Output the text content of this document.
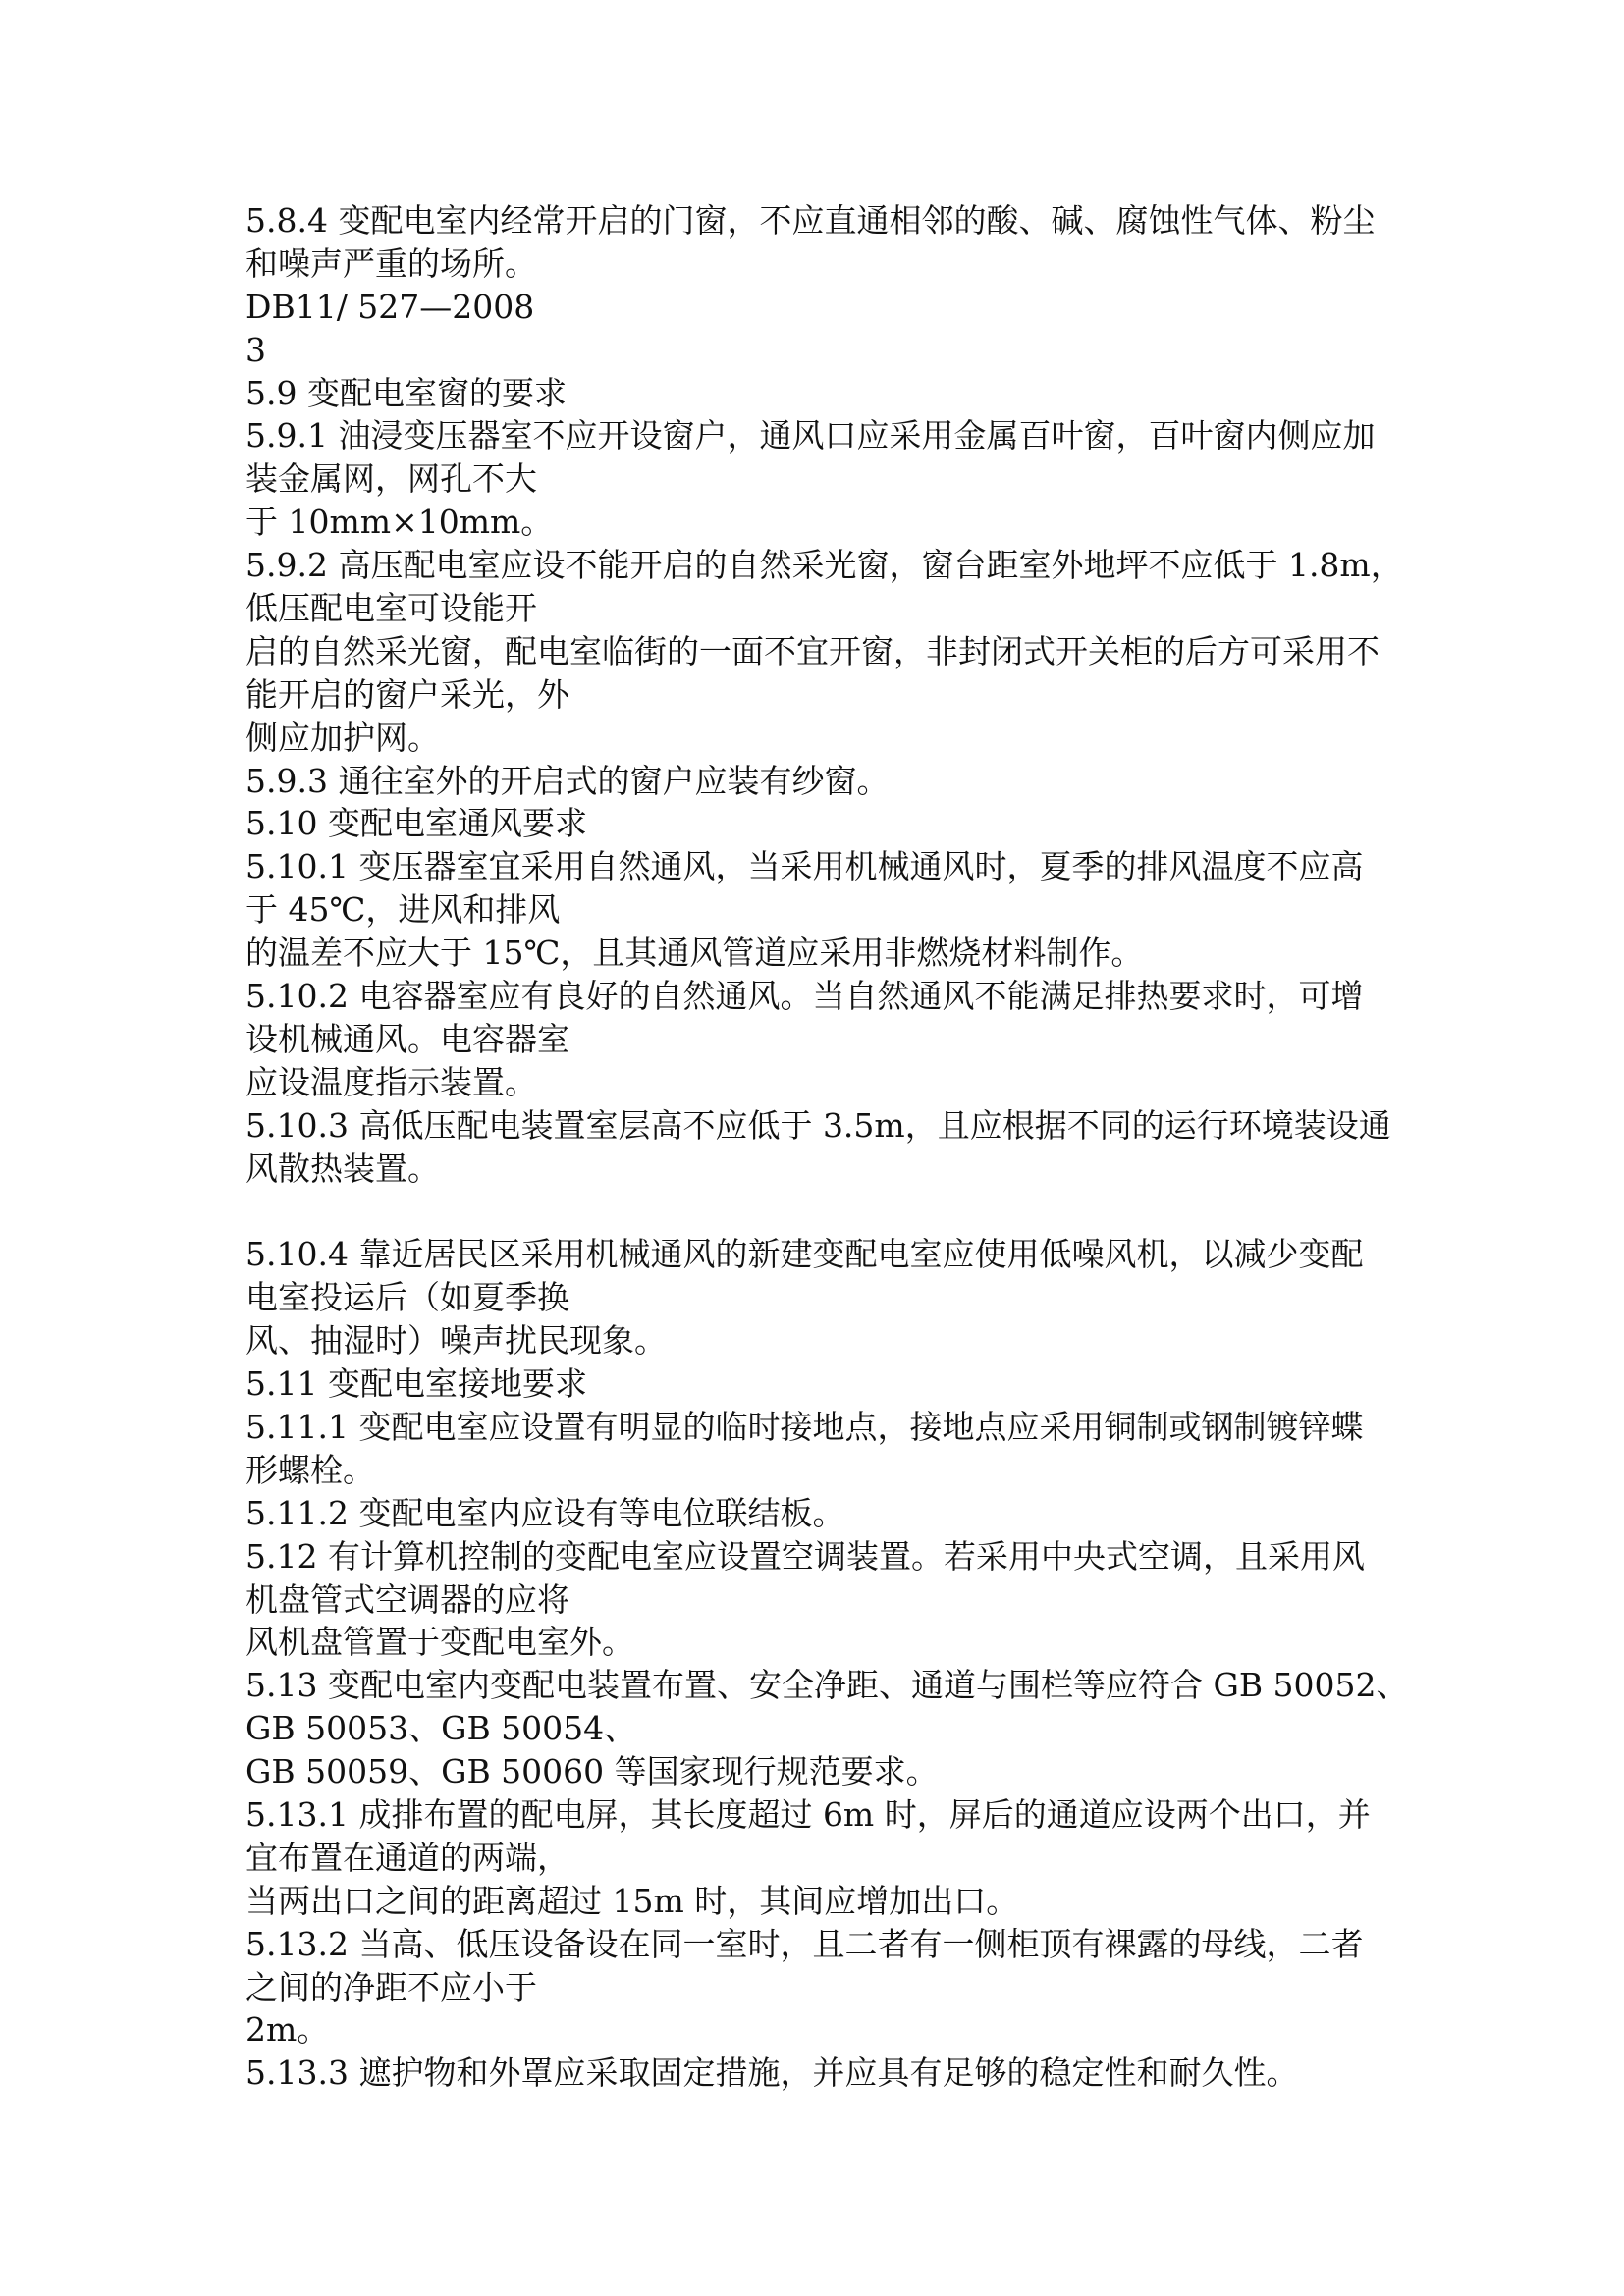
5.8.4 变配电室内经常开启的门窗，不应直通相邻的酸、碱、腐蚀性气体、粉尘
和噪声严重的场所。
DB11/ 527—2008
3
5.9 变配电室窗的要求
5.9.1 油浸变压器室不应开设窗户，通风口应采用金属百叶窗，百叶窗内侧应加
装金属网，网孔不大
于 10mm×10mm。
5.9.2 高压配电室应设不能开启的自然采光窗，窗台距室外地坪不应低于 1.8m，
低压配电室可设能开
启的自然采光窗，配电室临街的一面不宜开窗，非封闭式开关柜的后方可采用不
能开启的窗户采光，外
侧应加护网。
5.9.3 通往室外的开启式的窗户应装有纱窗。
5.10 变配电室通风要求
5.10.1 变压器室宜采用自然通风，当采用机械通风时，夏季的排风温度不应高
于 45℃，进风和排风
的温差不应大于 15℃，且其通风管道应采用非燃烧材料制作。
5.10.2 电容器室应有良好的自然通风。当自然通风不能满足排热要求时，可增
设机械通风。电容器室
应设温度指示装置。
5.10.3 高低压配电装置室层高不应低于 3.5m，且应根据不同的运行环境装设通
风散热装置。
5.10.4 靠近居民区采用机械通风的新建变配电室应使用低噪风机，以减少变配
电室投运后（如夏季换
风、抽湿时）噪声扰民现象。
5.11 变配电室接地要求
5.11.1 变配电室应设置有明显的临时接地点，接地点应采用铜制或钢制镀锌蝶
形螺栓。
5.11.2 变配电室内应设有等电位联结板。
5.12 有计算机控制的变配电室应设置空调装置。若采用中央式空调，且采用风
机盘管式空调器的应将
风机盘管置于变配电室外。
5.13 变配电室内变配电装置布置、安全净距、通道与围栏等应符合 GB 50052、
GB 50053、GB 50054、
GB 50059、GB 50060 等国家现行规范要求。
5.13.1 成排布置的配电屏，其长度超过 6m 时，屏后的通道应设两个出口，并
宜布置在通道的两端，
当两出口之间的距离超过 15m 时，其间应增加出口。
5.13.2 当高、低压设备设在同一室时，且二者有一侧柜顶有裸露的母线，二者
之间的净距不应小于
2m。
5.13.3 遮护物和外罩应采取固定措施，并应具有足够的稳定性和耐久性。
